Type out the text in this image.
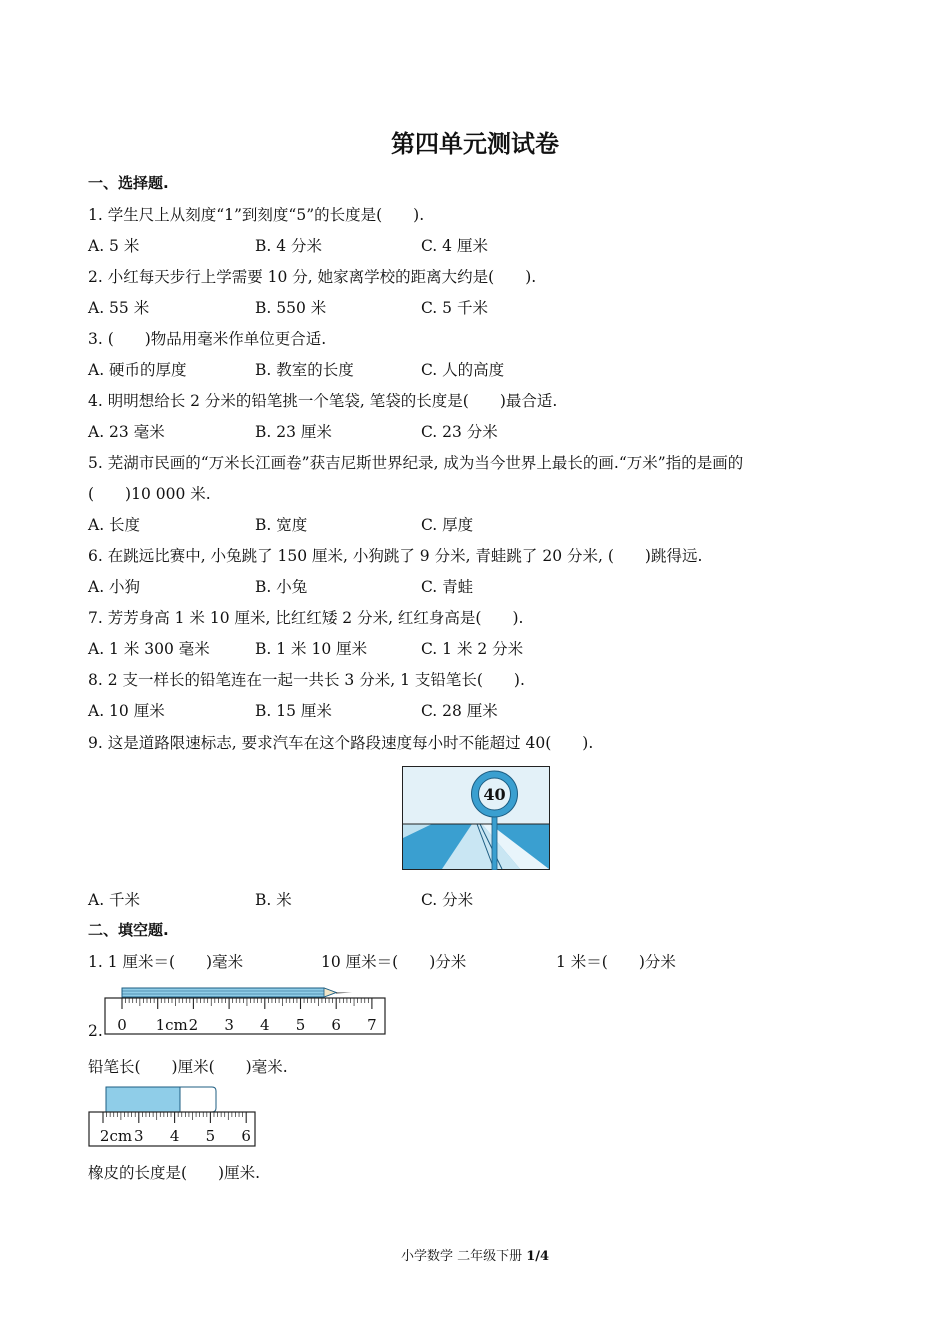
第四单元测试卷
一、选择题.
1. 学生尺上从刻度“1”到刻度“5”的长度是(　　).
A. 5 米	B. 4 分米	C. 4 厘米
2. 小红每天步行上学需要 10 分, 她家离学校的距离大约是(　　).
A. 55 米	B. 550 米	C. 5 千米
3. (　　)物品用毫米作单位更合适.
A. 硬币的厚度	B. 教室的长度	C. 人的高度
4. 明明想给长 2 分米的铅笔挑一个笔袋, 笔袋的长度是(　　)最合适.
A. 23 毫米	B. 23 厘米	C. 23 分米
5. 芜湖市民画的“万米长江画卷”获吉尼斯世界纪录, 成为当今世界上最长的画.“万米”指的是画的
(　　)10 000 米.
A. 长度	B. 宽度	C. 厚度
6. 在跳远比赛中, 小兔跳了 150 厘米, 小狗跳了 9 分米, 青蛙跳了 20 分米, (　　)跳得远.
A. 小狗	B. 小兔	C. 青蛙
7. 芳芳身高 1 米 10 厘米, 比红红矮 2 分米, 红红身高是(　　).
A. 1 米 300 毫米	B. 1 米 10 厘米	C. 1 米 2 分米
8. 2 支一样长的铅笔连在一起一共长 3 分米, 1 支铅笔长(　　).
A. 10 厘米	B. 15 厘米	C. 28 厘米
9. 这是道路限速标志, 要求汽车在这个路段速度每小时不能超过 40(　　).
40
A. 千米	B. 米	C. 分米
二、填空题.
1. 1 厘米＝(　　)毫米	10 厘米＝(　　)分米	1 米＝(　　)分米
0 1cm 2 3 4 5 6 7
2.
铅笔长(　　)厘米(　　)毫米.
2cm 3 4 5 6
橡皮的长度是(　　)厘米.
小学数学 二年级下册 1/4
